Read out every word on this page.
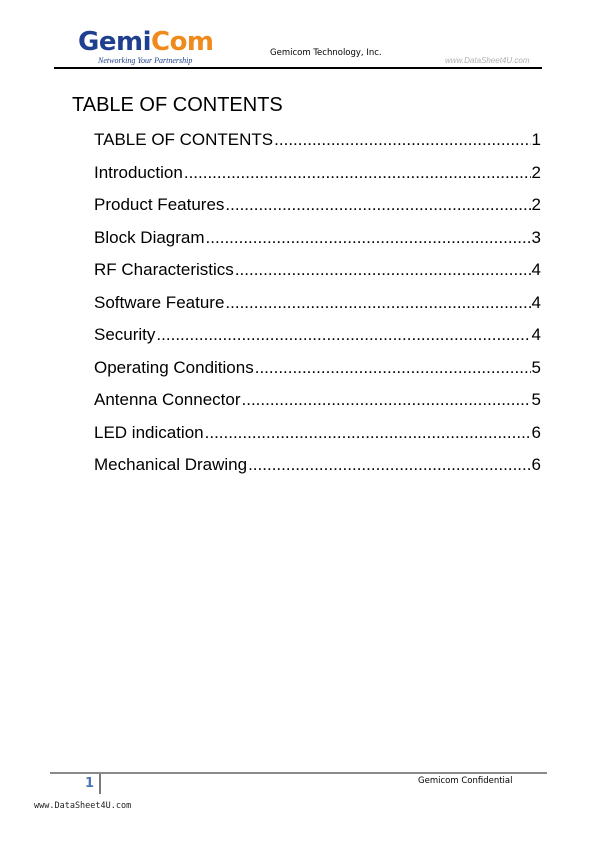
GemiCom
Networking Your Partnership
Gemicom Technology, Inc.
www.DataSheet4U.com
TABLE OF CONTENTS
TABLE OF CONTENTS .....	1
Introduction .....	2
Product Features .....	2
Block Diagram .....	3
RF Characteristics .....	4
Software Feature .....	4
Security .....	4
Operating Conditions .....	5
Antenna Connector .....	5
LED indication .....	6
Mechanical Drawing .....	6
1	Gemicom Confidential
www.DataSheet4U.com
